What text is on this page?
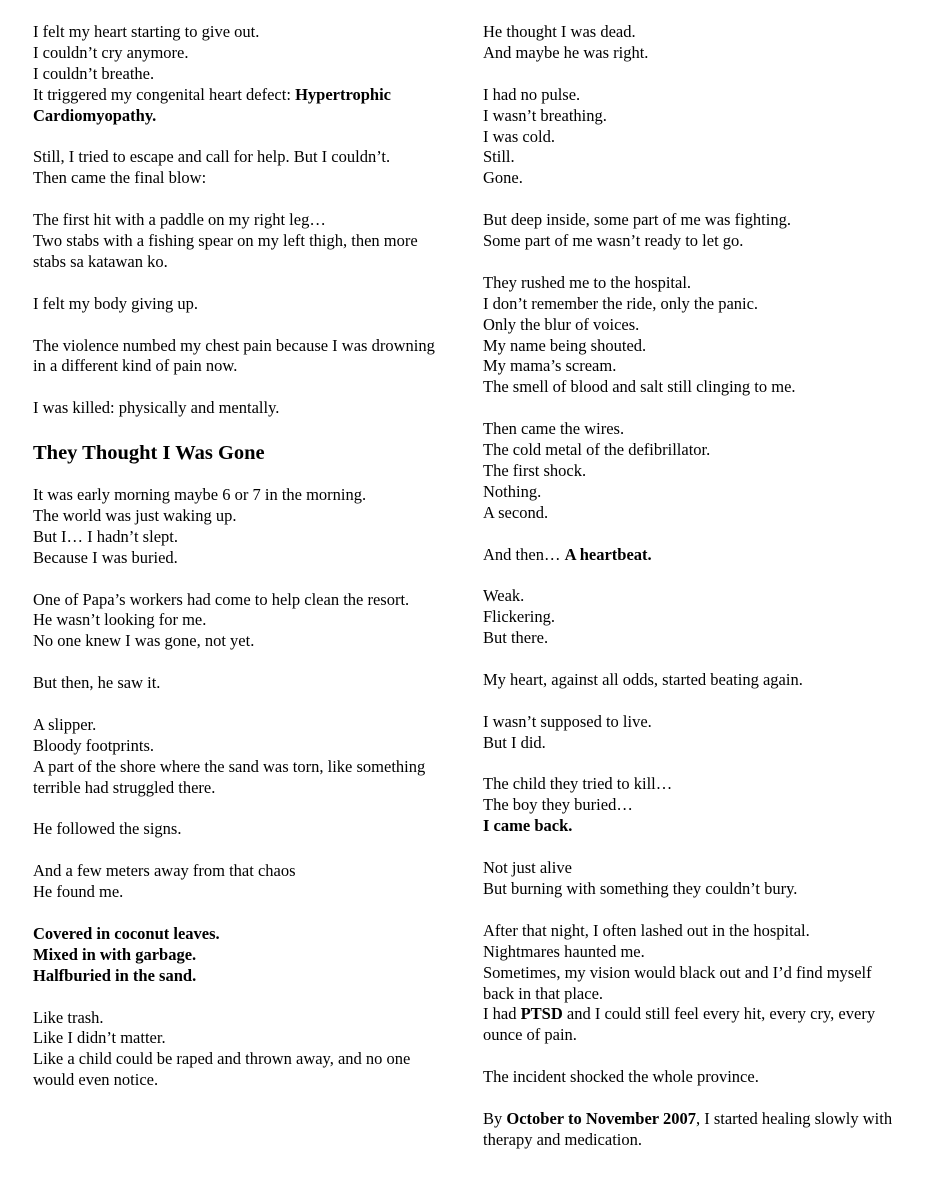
I felt my heart starting to give out.
I couldn’t cry anymore.
I couldn’t breathe.
It triggered my congenital heart defect: Hypertrophic Cardiomyopathy.

Still, I tried to escape and call for help. But I couldn’t.
Then came the final blow:

The first hit with a paddle on my right leg…
Two stabs with a fishing spear on my left thigh, then more stabs sa katawan ko.

I felt my body giving up.

The violence numbed my chest pain because I was drowning in a different kind of pain now.

I was killed: physically and mentally.

They Thought I Was Gone

It was early morning maybe 6 or 7 in the morning.
The world was just waking up.
But I… I hadn’t slept.
Because I was buried.

One of Papa’s workers had come to help clean the resort.
He wasn’t looking for me.
No one knew I was gone, not yet.

But then, he saw it.

A slipper.
Bloody footprints.
A part of the shore where the sand was torn, like something terrible had struggled there.

He followed the signs.

And a few meters away from that chaos
He found me.

Covered in coconut leaves.
Mixed in with garbage.
Halfburied in the sand.

Like trash.
Like I didn’t matter.
Like a child could be raped and thrown away, and no one would even notice.

He thought I was dead.
And maybe he was right.

I had no pulse.
I wasn’t breathing.
I was cold.
Still.
Gone.

But deep inside, some part of me was fighting.
Some part of me wasn’t ready to let go.

They rushed me to the hospital.
I don’t remember the ride, only the panic.
Only the blur of voices.
My name being shouted.
My mama’s scream.
The smell of blood and salt still clinging to me.

Then came the wires.
The cold metal of the defibrillator.
The first shock.
Nothing.
A second.

And then… A heartbeat.

Weak.
Flickering.
But there.

My heart, against all odds, started beating again.

I wasn’t supposed to live.
But I did.

The child they tried to kill…
The boy they buried…
I came back.

Not just alive
But burning with something they couldn’t bury.

After that night, I often lashed out in the hospital.
Nightmares haunted me.
Sometimes, my vision would black out and I’d find myself back in that place.
I had PTSD and I could still feel every hit, every cry, every ounce of pain.

The incident shocked the whole province.

By October to November 2007, I started healing slowly with therapy and medication.
